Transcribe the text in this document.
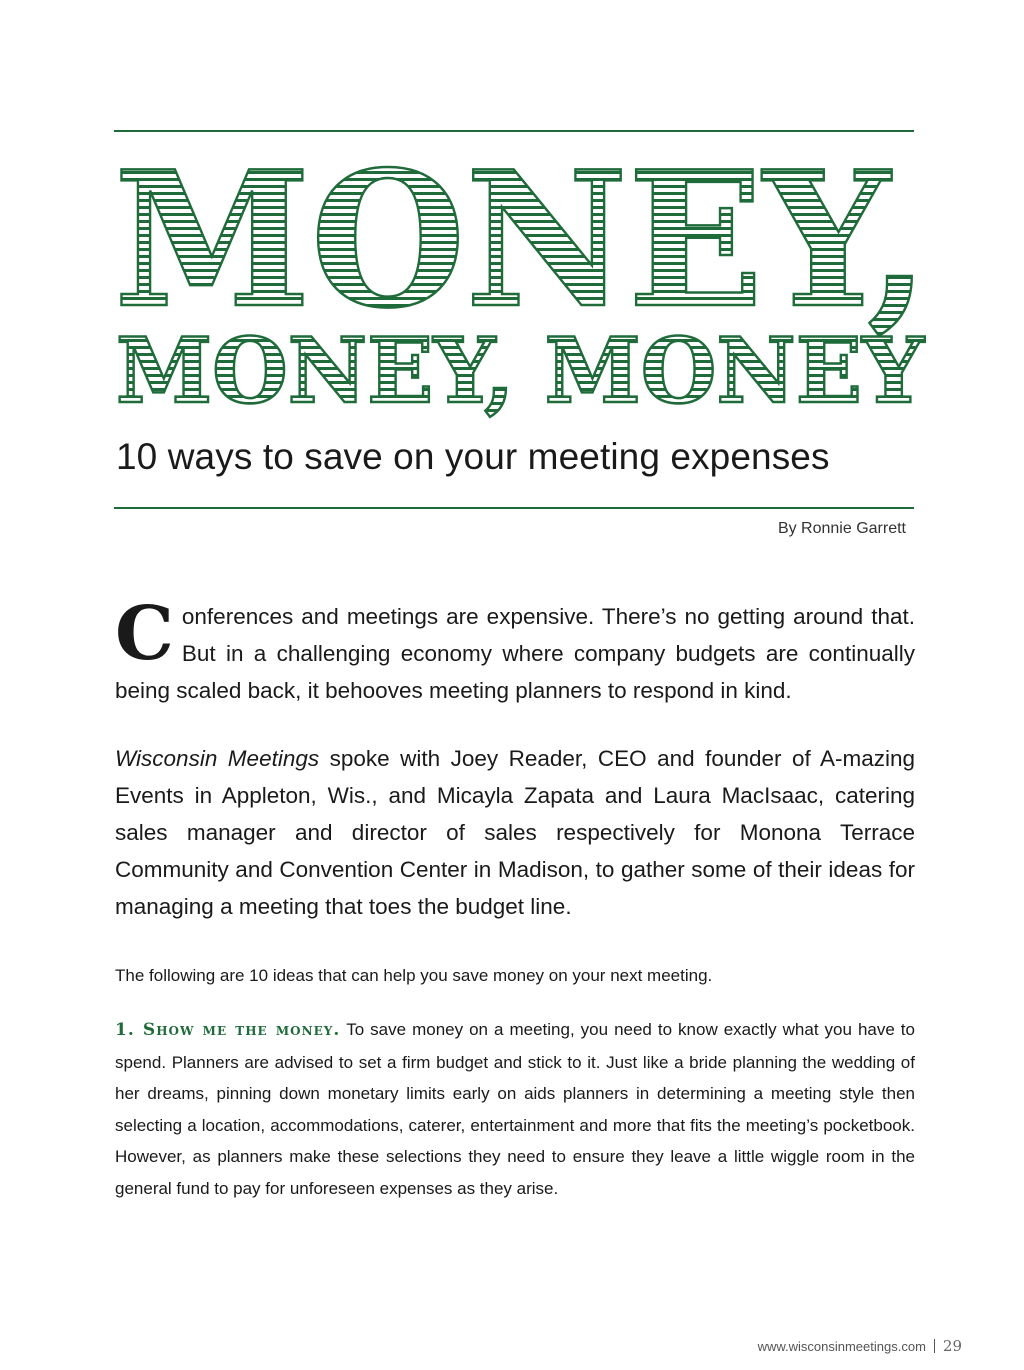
MONEY,
MONEY, MONEY
10 ways to save on your meeting expenses
By Ronnie Garrett

Conferences and meetings are expensive. There’s no getting around that. But in a challenging economy where company budgets are continually being scaled back, it behooves meeting planners to respond in kind.

Wisconsin Meetings spoke with Joey Reader, CEO and founder of A-mazing Events in Appleton, Wis., and Micayla Zapata and Laura MacIsaac, catering sales manager and director of sales respectively for Monona Terrace Community and Convention Center in Madison, to gather some of their ideas for managing a meeting that toes the budget line.

The following are 10 ideas that can help you save money on your next meeting.

1. Show me the money. To save money on a meeting, you need to know exactly what you have to spend. Planners are advised to set a firm budget and stick to it. Just like a bride planning the wedding of her dreams, pinning down monetary limits early on aids planners in determining a meeting style then selecting a location, accommodations, caterer, entertainment and more that fits the meeting’s pocketbook. However, as planners make these selections they need to ensure they leave a little wiggle room in the general fund to pay for unforeseen expenses as they arise.

www.wisconsinmeetings.com 29
